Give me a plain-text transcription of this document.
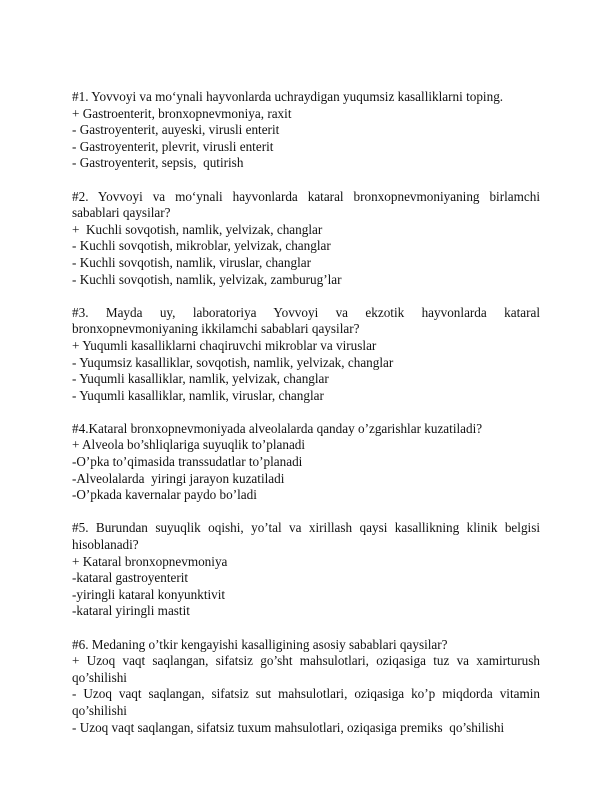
#1. Yovvoyi va mo‘ynali hayvonlarda uchraydigan yuqumsiz kasalliklarni toping.
+ Gastroenterit, bronxopnevmoniya, raxit
- Gastroyenterit, auyeski, virusli enterit
- Gastroyenterit, plevrit, virusli enterit
- Gastroyenterit, sepsis,  qutirish
#2. Yovvoyi va mo‘ynali hayvonlarda kataral bronxopnevmoniyaning birlamchi
sabablari qaysilar?
+  Kuchli sovqotish, namlik, yelvizak, changlar
- Kuchli sovqotish, mikroblar, yelvizak, changlar
- Kuchli sovqotish, namlik, viruslar, changlar
- Kuchli sovqotish, namlik, yelvizak, zamburug’lar
#3. Mayda uy, laboratoriya Yovvoyi va ekzotik hayvonlarda kataral
bronxopnevmoniyaning ikkilamchi sabablari qaysilar?
+ Yuqumli kasalliklarni chaqiruvchi mikroblar va viruslar
- Yuqumsiz kasalliklar, sovqotish, namlik, yelvizak, changlar
- Yuqumli kasalliklar, namlik, yelvizak, changlar
- Yuqumli kasalliklar, namlik, viruslar, changlar
#4.Kataral bronxopnevmoniyada alveolalarda qanday o’zgarishlar kuzatiladi?
+ Alveola bo’shliqlariga suyuqlik to’planadi
-O’pka to’qimasida transsudatlar to’planadi
-Alveolalarda  yiringi jarayon kuzatiladi
-O’pkada kavernalar paydo bo’ladi
#5. Burundan suyuqlik oqishi, yo’tal va xirillash qaysi kasallikning klinik belgisi
hisoblanadi?
+ Kataral bronxopnevmoniya
-kataral gastroyenterit
-yiringli kataral konyunktivit
-kataral yiringli mastit
#6. Medaning o’tkir kengayishi kasalligining asosiy sabablari qaysilar?
+ Uzoq vaqt saqlangan, sifatsiz go’sht mahsulotlari, oziqasiga tuz va xamirturush qo’shilishi
- Uzoq vaqt saqlangan, sifatsiz sut mahsulotlari, oziqasiga ko’p miqdorda vitamin qo’shilishi
- Uzoq vaqt saqlangan, sifatsiz tuxum mahsulotlari, oziqasiga premiks  qo’shilishi
